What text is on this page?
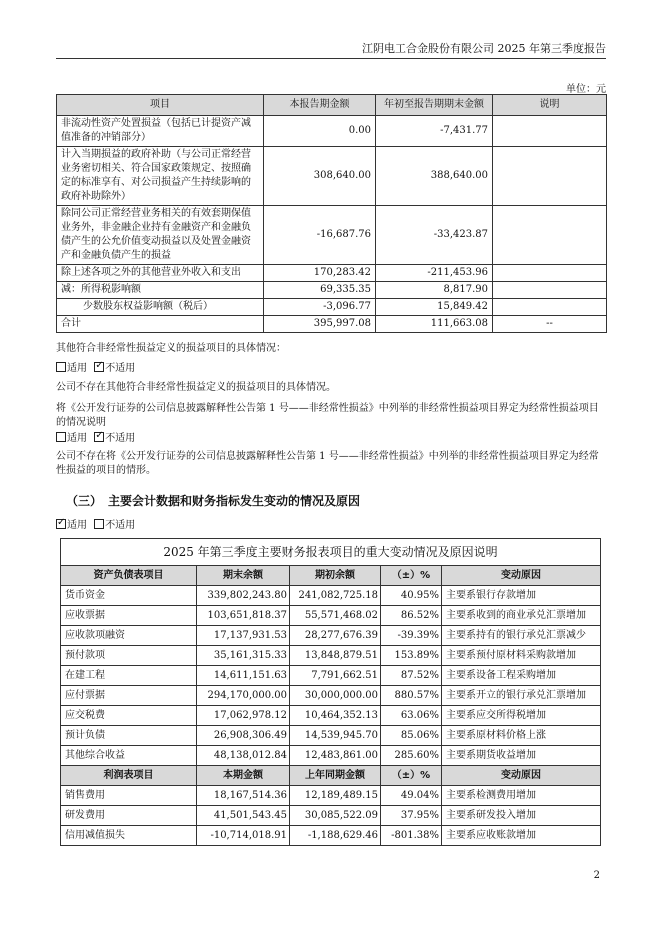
江阴电工合金股份有限公司 2025 年第三季度报告
单位：元
项目	本报告期金额	年初至报告期期末金额	说明
非流动性资产处置损益（包括已计提资产减值准备的冲销部分）	0.00	-7,431.77	
计入当期损益的政府补助（与公司正常经营业务密切相关、符合国家政策规定、按照确定的标准享有、对公司损益产生持续影响的政府补助除外）	308,640.00	388,640.00	
除同公司正常经营业务相关的有效套期保值业务外，非金融企业持有金融资产和金融负债产生的公允价值变动损益以及处置金融资产和金融负债产生的损益	-16,687.76	-33,423.87	
除上述各项之外的其他营业外收入和支出	170,283.42	-211,453.96	
减：所得税影响额	69,335.35	8,817.90	
少数股东权益影响额（税后）	-3,096.77	15,849.42	
合计	395,997.08	111,663.08	--

其他符合非经常性损益定义的损益项目的具体情况：

适用 ✓ 不适用

公司不存在其他符合非经常性损益定义的损益项目的具体情况。

将《公开发行证券的公司信息披露解释性公告第 1 号——非经常性损益》中列举的非经常性损益项目界定为经常性损益项目的情况说明

适用 ✓ 不适用

公司不存在将《公开发行证券的公司信息披露解释性公告第 1 号——非经常性损益》中列举的非经常性损益项目界定为经常性损益的项目的情形。

（三）　主要会计数据和财务指标发生变动的情况及原因
✓适用 不适用
2025 年第三季度主要财务报表项目的重大变动情况及原因说明				
资产负债表项目	期末余额	期初余额	（±）%	变动原因
货币资金	339,802,243.80	241,082,725.18	40.95%	主要系银行存款增加
应收票据	103,651,818.37	55,571,468.02	86.52%	主要系收到的商业承兑汇票增加
应收款项融资	17,137,931.53	28,277,676.39	-39.39%	主要系持有的银行承兑汇票减少
预付款项	35,161,315.33	13,848,879.51	153.89%	主要系预付原材料采购款增加
在建工程	14,611,151.63	7,791,662.51	87.52%	主要系设备工程采购增加
应付票据	294,170,000.00	30,000,000.00	880.57%	主要系开立的银行承兑汇票增加
应交税费	17,062,978.12	10,464,352.13	63.06%	主要系应交所得税增加
预计负债	26,908,306.49	14,539,945.70	85.06%	主要系原材料价格上涨
其他综合收益	48,138,012.84	12,483,861.00	285.60%	主要系期货收益增加
利润表项目	本期金额	上年同期金额	（±）%	变动原因
销售费用	18,167,514.36	12,189,489.15	49.04%	主要系检测费用增加
研发费用	41,501,543.45	30,085,522.09	37.95%	主要系研发投入增加
信用减值损失	-10,714,018.91	-1,188,629.46	-801.38%	主要系应收账款增加
2
